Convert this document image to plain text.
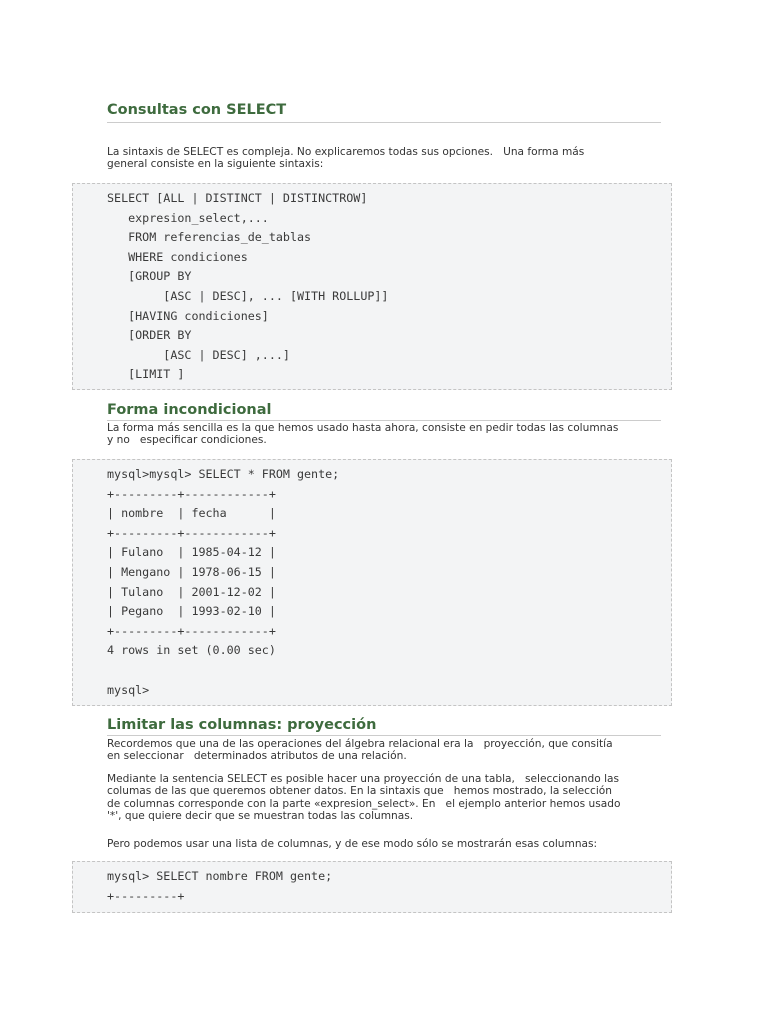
Consultas con SELECT
La sintaxis de SELECT es compleja. No explicaremos todas sus opciones.   Una forma más
general consiste en la siguiente sintaxis:
SELECT [ALL | DISTINCT | DISTINCTROW]
expresion_select,...
FROM referencias_de_tablas
WHERE condiciones
[GROUP BY
[ASC | DESC], ... [WITH ROLLUP]]
[HAVING condiciones]
[ORDER BY
[ASC | DESC] ,...]
[LIMIT ]
Forma incondicional
La forma más sencilla es la que hemos usado hasta ahora, consiste en pedir todas las columnas
y no   especificar condiciones.
mysql>mysql> SELECT * FROM gente;
+---------+------------+
| nombre  | fecha      |
+---------+------------+
| Fulano  | 1985-04-12 |
| Mengano | 1978-06-15 |
| Tulano  | 2001-12-02 |
| Pegano  | 1993-02-10 |
+---------+------------+
4 rows in set (0.00 sec)
mysql>
Limitar las columnas: proyección
Recordemos que una de las operaciones del álgebra relacional era la   proyección, que consitía
en seleccionar   determinados atributos de una relación.
Mediante la sentencia SELECT es posible hacer una proyección de una tabla,   seleccionando las
columas de las que queremos obtener datos. En la sintaxis que   hemos mostrado, la selección
de columnas corresponde con la parte «expresion_select». En   el ejemplo anterior hemos usado
'*', que quiere decir que se muestran todas las columnas.
Pero podemos usar una lista de columnas, y de ese modo sólo se mostrarán esas columnas:
mysql> SELECT nombre FROM gente;
+---------+
